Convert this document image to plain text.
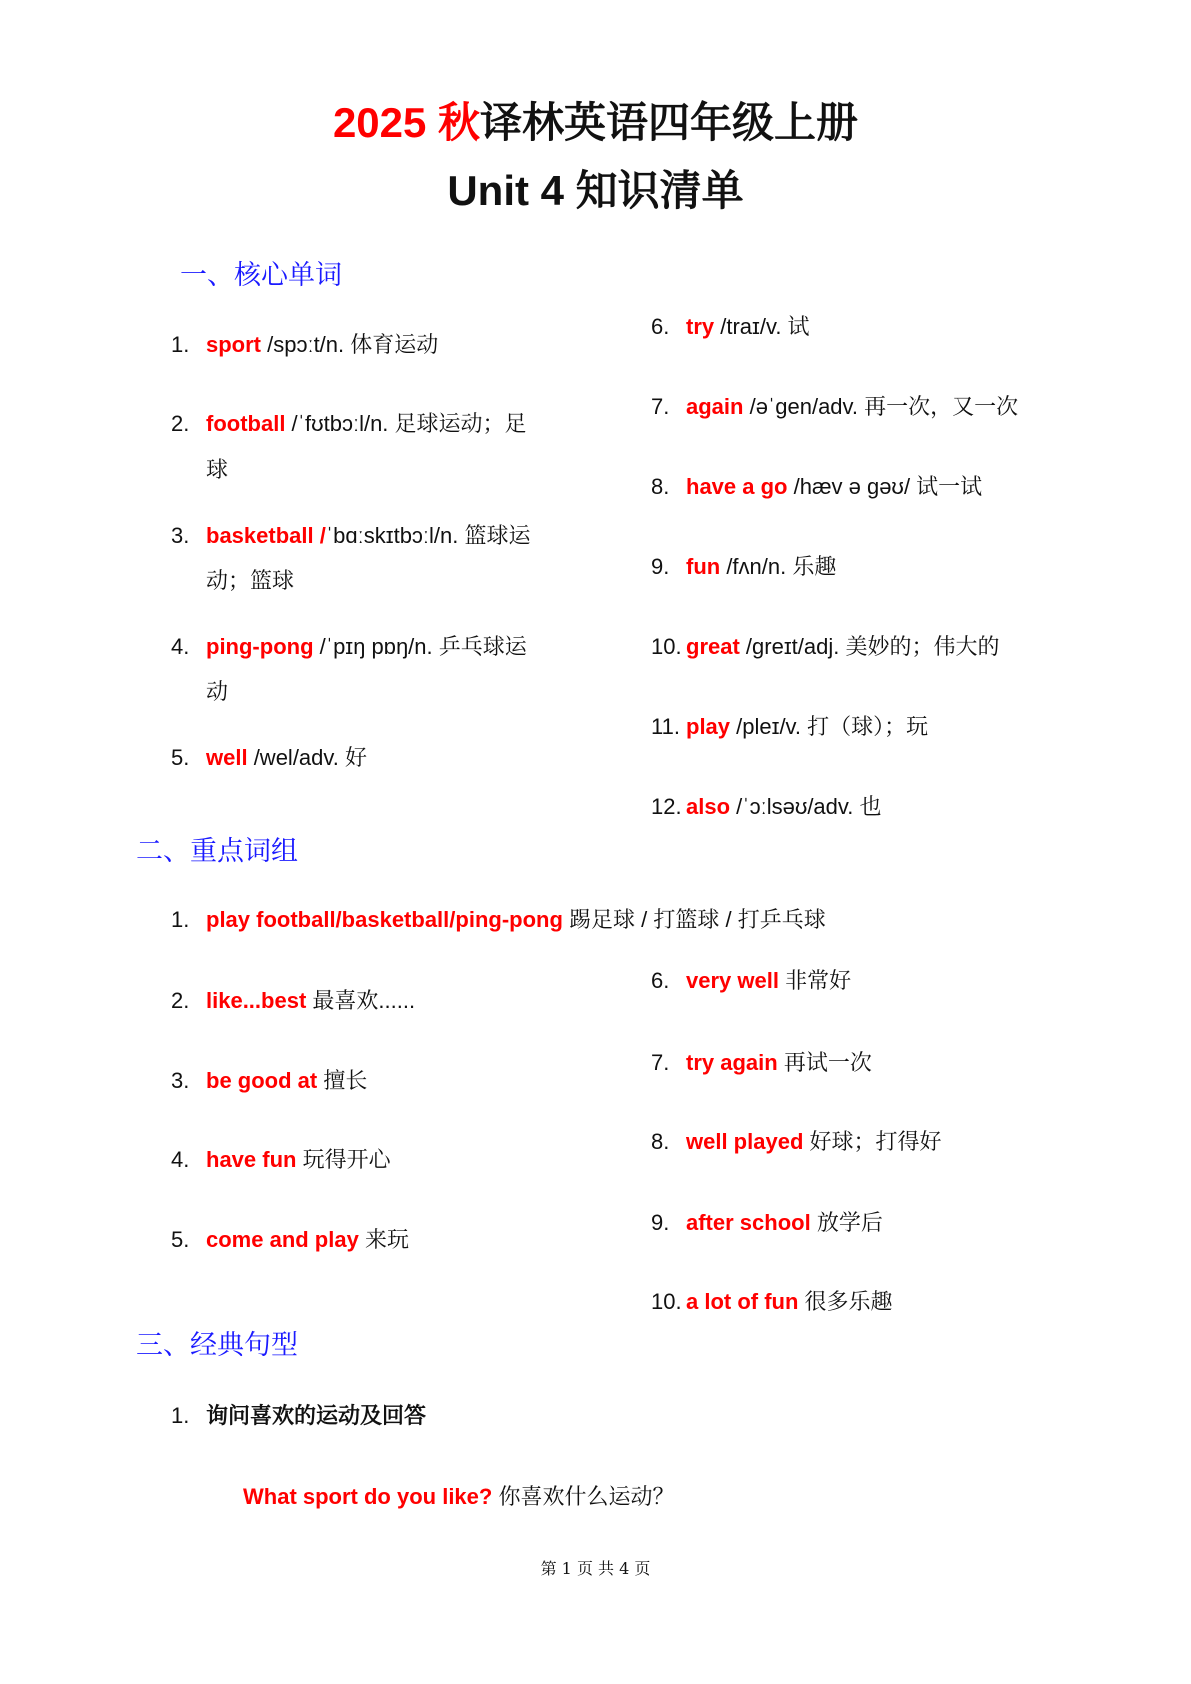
2025 秋译林英语四年级上册
Unit 4 知识清单
一、核心单词
二、重点词组
三、经典句型
1. sport /spɔːt/n. 体育运动
2. football /ˈfʊtbɔːl/n. 足球运动；足
球
3. basketball /ˈbɑːskɪtbɔːl/n. 篮球运
动；篮球
4. ping-pong /ˈpɪŋ pɒŋ/n. 乒乓球运
动
5. well /wel/adv. 好
6. try /traɪ/v. 试
7. again /əˈgen/adv. 再一次，又一次
8. have a go /hæv ə gəʊ/ 试一试
9. fun /fʌn/n. 乐趣
10. great /greɪt/adj. 美妙的；伟大的
11. play /pleɪ/v. 打（球）；玩
12. also /ˈɔːlsəʊ/adv. 也
1. play football/basketball/ping-pong 踢足球 / 打篮球 / 打乒乓球
2. like...best 最喜欢......
3. be good at 擅长
4. have fun 玩得开心
5. come and play 来玩
6. very well 非常好
7. try again 再试一次
8. well played 好球；打得好
9. after school 放学后
10. a lot of fun 很多乐趣
1. 询问喜欢的运动及回答
What sport do you like? 你喜欢什么运动？
第 1 页 共 4 页
